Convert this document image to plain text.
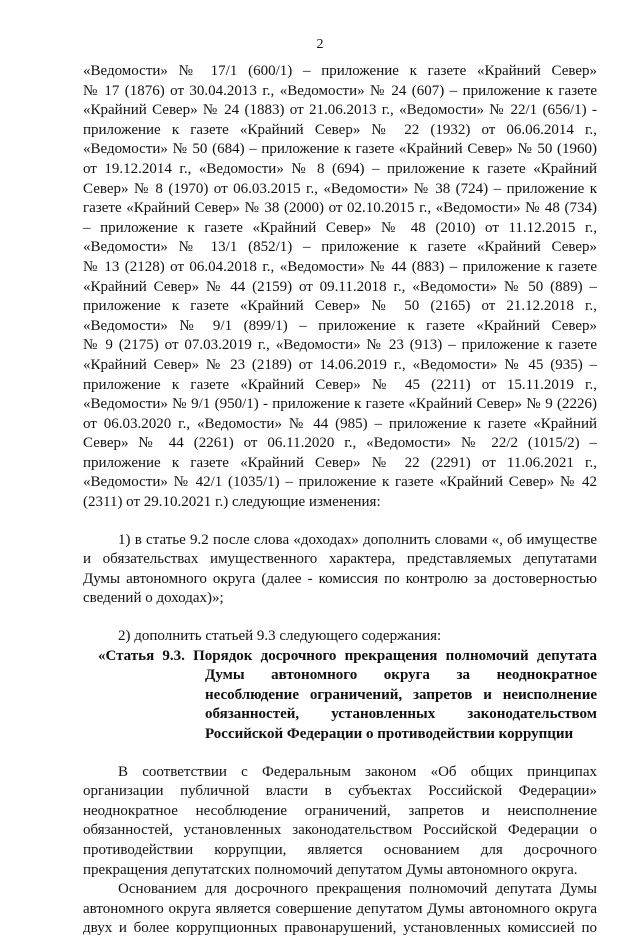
2
«Ведомости» № 17/1 (600/1) – приложение к газете «Крайний Север»
№ 17 (1876) от 30.04.2013 г., «Ведомости» № 24 (607) – приложение к газете
«Крайний Север» № 24 (1883) от 21.06.2013 г., «Ведомости» № 22/1 (656/1) -
приложение к газете «Крайний Север» № 22 (1932) от 06.06.2014 г.,
«Ведомости» № 50 (684) – приложение к газете «Крайний Север» № 50 (1960)
от 19.12.2014 г., «Ведомости» № 8 (694) – приложение к газете «Крайний
Север» № 8 (1970) от 06.03.2015 г., «Ведомости» № 38 (724) – приложение к
газете «Крайний Север» № 38 (2000) от 02.10.2015 г., «Ведомости» № 48 (734)
– приложение к газете «Крайний Север» № 48 (2010) от 11.12.2015 г.,
«Ведомости» № 13/1 (852/1) – приложение к газете «Крайний Север»
№ 13 (2128) от 06.04.2018 г., «Ведомости» № 44 (883) – приложение к газете
«Крайний Север» № 44 (2159) от 09.11.2018 г., «Ведомости» № 50 (889) –
приложение к газете «Крайний Север» № 50 (2165) от 21.12.2018 г.,
«Ведомости» № 9/1 (899/1) – приложение к газете «Крайний Север»
№ 9 (2175) от 07.03.2019 г., «Ведомости» № 23 (913) – приложение к газете
«Крайний Север» № 23 (2189) от 14.06.2019 г., «Ведомости» № 45 (935) –
приложение к газете «Крайний Север» № 45 (2211) от 15.11.2019 г.,
«Ведомости» № 9/1 (950/1) - приложение к газете «Крайний Север» № 9 (2226)
от 06.03.2020 г., «Ведомости» № 44 (985) – приложение к газете «Крайний
Север» № 44 (2261) от 06.11.2020 г., «Ведомости» № 22/2 (1015/2) –
приложение к газете «Крайний Север» № 22 (2291) от 11.06.2021 г.,
«Ведомости» № 42/1 (1035/1) – приложение к газете «Крайний Север» № 42
(2311) от 29.10.2021 г.) следующие изменения:
1) в статье 9.2 после слова «доходах» дополнить словами «, об имуществе
и обязательствах имущественного характера, представляемых депутатами
Думы автономного округа (далее - комиссия по контролю за достоверностью
сведений о доходах)»;
2) дополнить статьей 9.3 следующего содержания:
«Статья 9.3. Порядок досрочного прекращения полномочий депутата
Думы автономного округа за неоднократное
несоблюдение ограничений, запретов и неисполнение
обязанностей, установленных законодательством
Российской Федерации о противодействии коррупции
В соответствии с Федеральным законом «Об общих принципах
организации публичной власти в субъектах Российской Федерации»
неоднократное несоблюдение ограничений, запретов и неисполнение
обязанностей, установленных законодательством Российской Федерации о
противодействии коррупции, является основанием для досрочного
прекращения депутатских полномочий депутатом Думы автономного округа.
Основанием для досрочного прекращения полномочий депутата Думы
автономного округа является совершение депутатом Думы автономного округа
двух и более коррупционных правонарушений, установленных комиссией по
